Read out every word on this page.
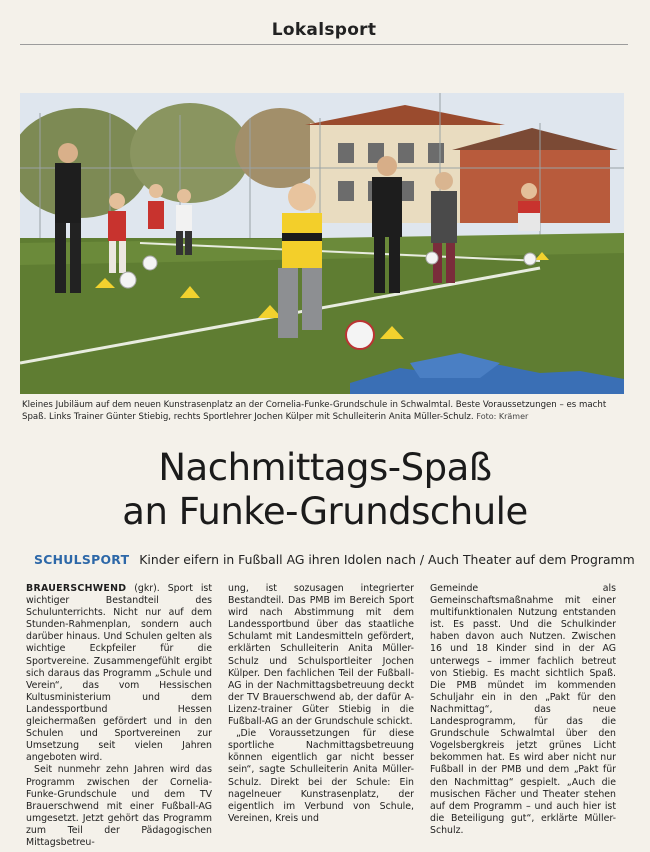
Lokalsport
Kleines Jubiläum auf dem neuen Kunstrasenplatz an der Cornelia-Funke-Grundschule in Schwalmtal. Beste Voraussetzungen – es macht Spaß. Links Trainer Günter Stiebig, rechts Sportlehrer Jochen Külper mit Schulleiterin Anita Müller-Schulz. Foto: Krämer
Nachmittags-Spaß
an Funke-Grundschule
SCHULSPORT Kinder eifern in Fußball AG ihren Idolen nach / Auch Theater auf dem Programm

BRAUERSCHWEND (gkr). Sport ist wichtiger Bestandteil des Schulunterrichts. Nicht nur auf dem Stunden-Rahmenplan, sondern auch darüber hinaus. Und Schulen gelten als wichtige Eckpfeiler für die Sportvereine. Zusammengefühlt ergibt sich daraus das Programm „Schule und Verein“, das vom Hessischen Kultusministerium und dem Landessportbund Hessen gleichermaßen gefördert und in den Schulen und Sportvereinen zur Umsetzung seit vielen Jahren angeboten wird.

Seit nunmehr zehn Jahren wird das Programm zwischen der Cornelia-Funke-Grundschule und dem TV Brauerschwend mit einer Fußball-AG umgesetzt. Jetzt gehört das Programm zum Teil der Pädagogischen Mittagsbetreu-

ung, ist sozusagen integrierter Bestandteil. Das PMB im Bereich Sport wird nach Abstimmung mit dem Landessportbund über das staatliche Schulamt mit Landesmitteln gefördert, erklärten Schulleiterin Anita Müller-Schulz und Schulsportleiter Jochen Külper. Den fachlichen Teil der Fußball-AG in der Nachmittagsbetreuung deckt der TV Brauerschwend ab, der dafür A-Lizenz-trainer Güter Stiebig in die Fußball-AG an der Grundschule schickt.

„Die Voraussetzungen für diese sportliche Nachmittagsbetreuung können eigentlich gar nicht besser sein“, sagte Schulleiterin Anita Müller-Schulz. Direkt bei der Schule: Ein nagelneuer Kunstrasenplatz, der eigentlich im Verbund von Schule, Vereinen, Kreis und

Gemeinde als Gemeinschaftsmaßnahme mit einer multifunktionalen Nutzung entstanden ist. Es passt. Und die Schulkinder haben davon auch Nutzen. Zwischen 16 und 18 Kinder sind in der AG unterwegs – immer fachlich betreut von Stiebig. Es macht sichtlich Spaß. Die PMB mündet im kommenden Schuljahr ein in den „Pakt für den Nachmittag“, das neue Landesprogramm, für das die Grundschule Schwalmtal über den Vogelsbergkreis jetzt grünes Licht bekommen hat. Es wird aber nicht nur Fußball in der PMB und dem „Pakt für den Nachmittag“ gespielt. „Auch die musischen Fächer und Theater stehen auf dem Programm – und auch hier ist die Beteiligung gut“, erklärte Müller-Schulz.
